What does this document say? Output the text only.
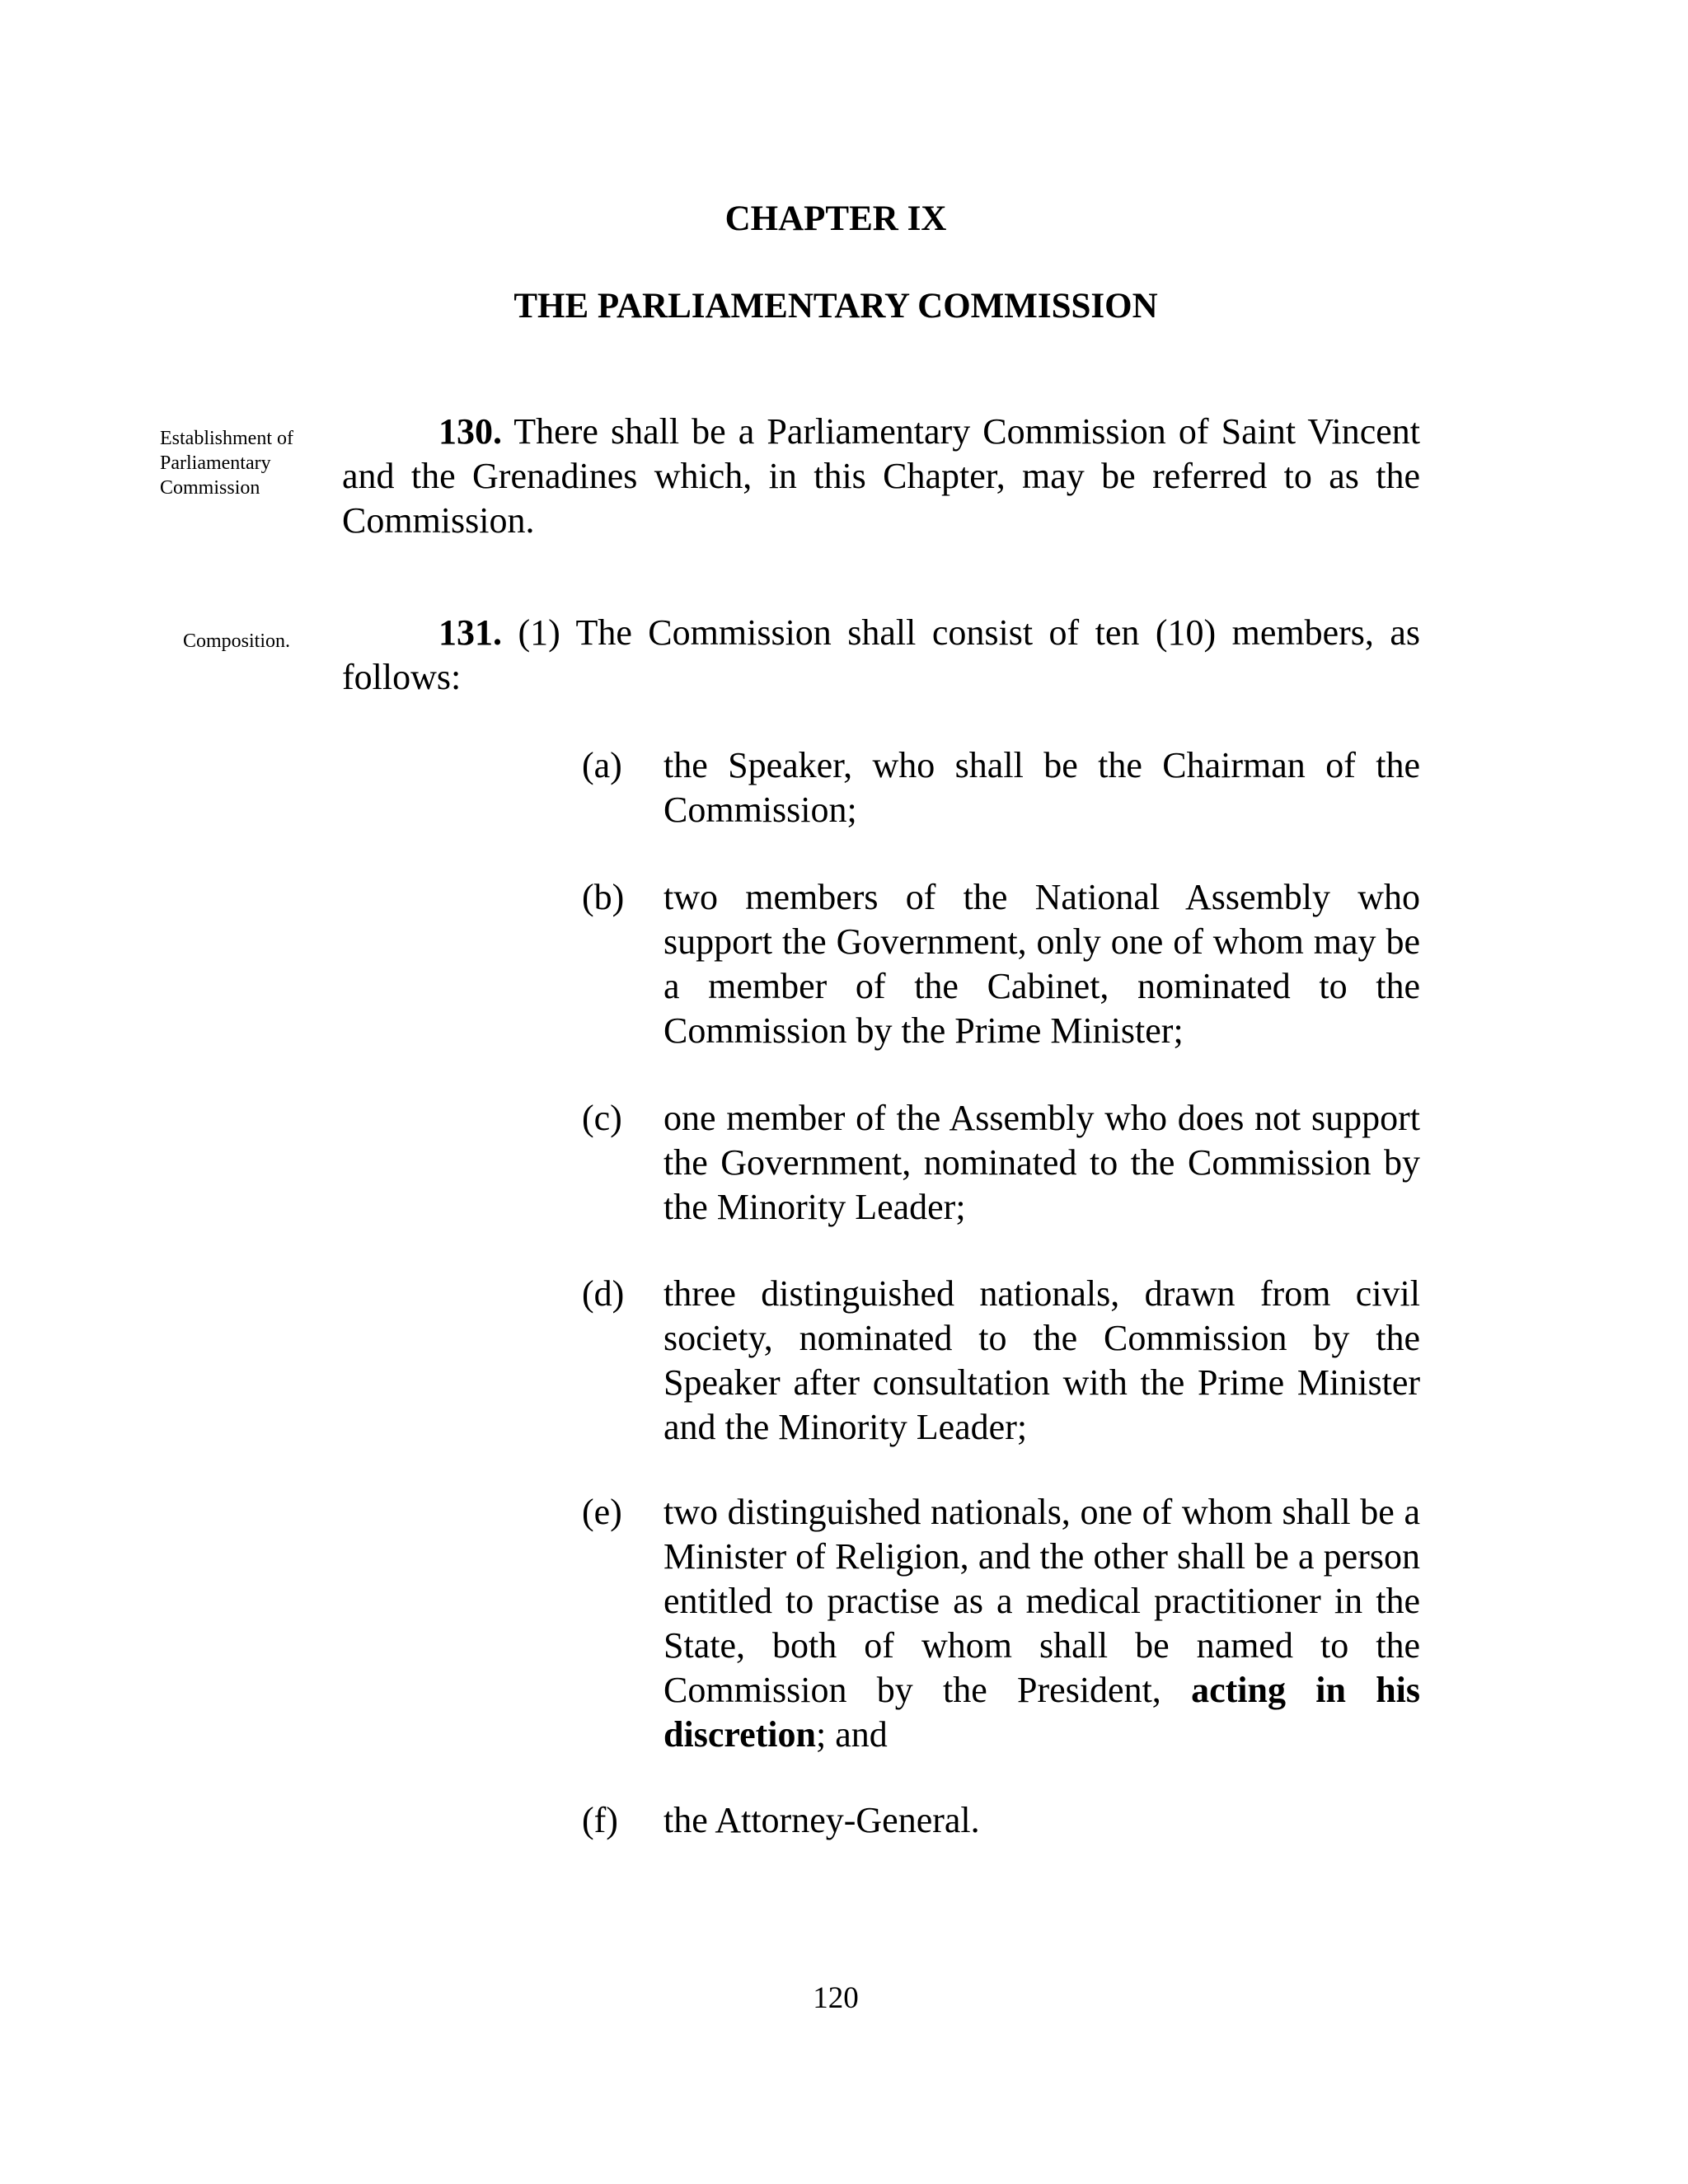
CHAPTER IX
THE PARLIAMENTARY COMMISSION
Establishment of Parliamentary Commission
130. There shall be a Parliamentary Commission of Saint Vincent and the Grenadines which, in this Chapter, may be referred to as the Commission.
Composition.	131. (1) The Commission shall consist of ten (10) members, as follows:
(a) the Speaker, who shall be the Chairman of the Commission;
(b) two members of the National Assembly who support the Government, only one of whom may be a member of the Cabinet, nominated to the Commission by the Prime Minister;
(c) one member of the Assembly who does not support the Government, nominated to the Commission by the Minority Leader;
(d) three distinguished nationals, drawn from civil society, nominated to the Commission by the Speaker after consultation with the Prime Minister and the Minority Leader;
(e) two distinguished nationals, one of whom shall be a Minister of Religion, and the other shall be a person entitled to practise as a medical practitioner in the State, both of whom shall be named to the Commission by the President, acting in his discretion; and
(f) the Attorney-General.
120
